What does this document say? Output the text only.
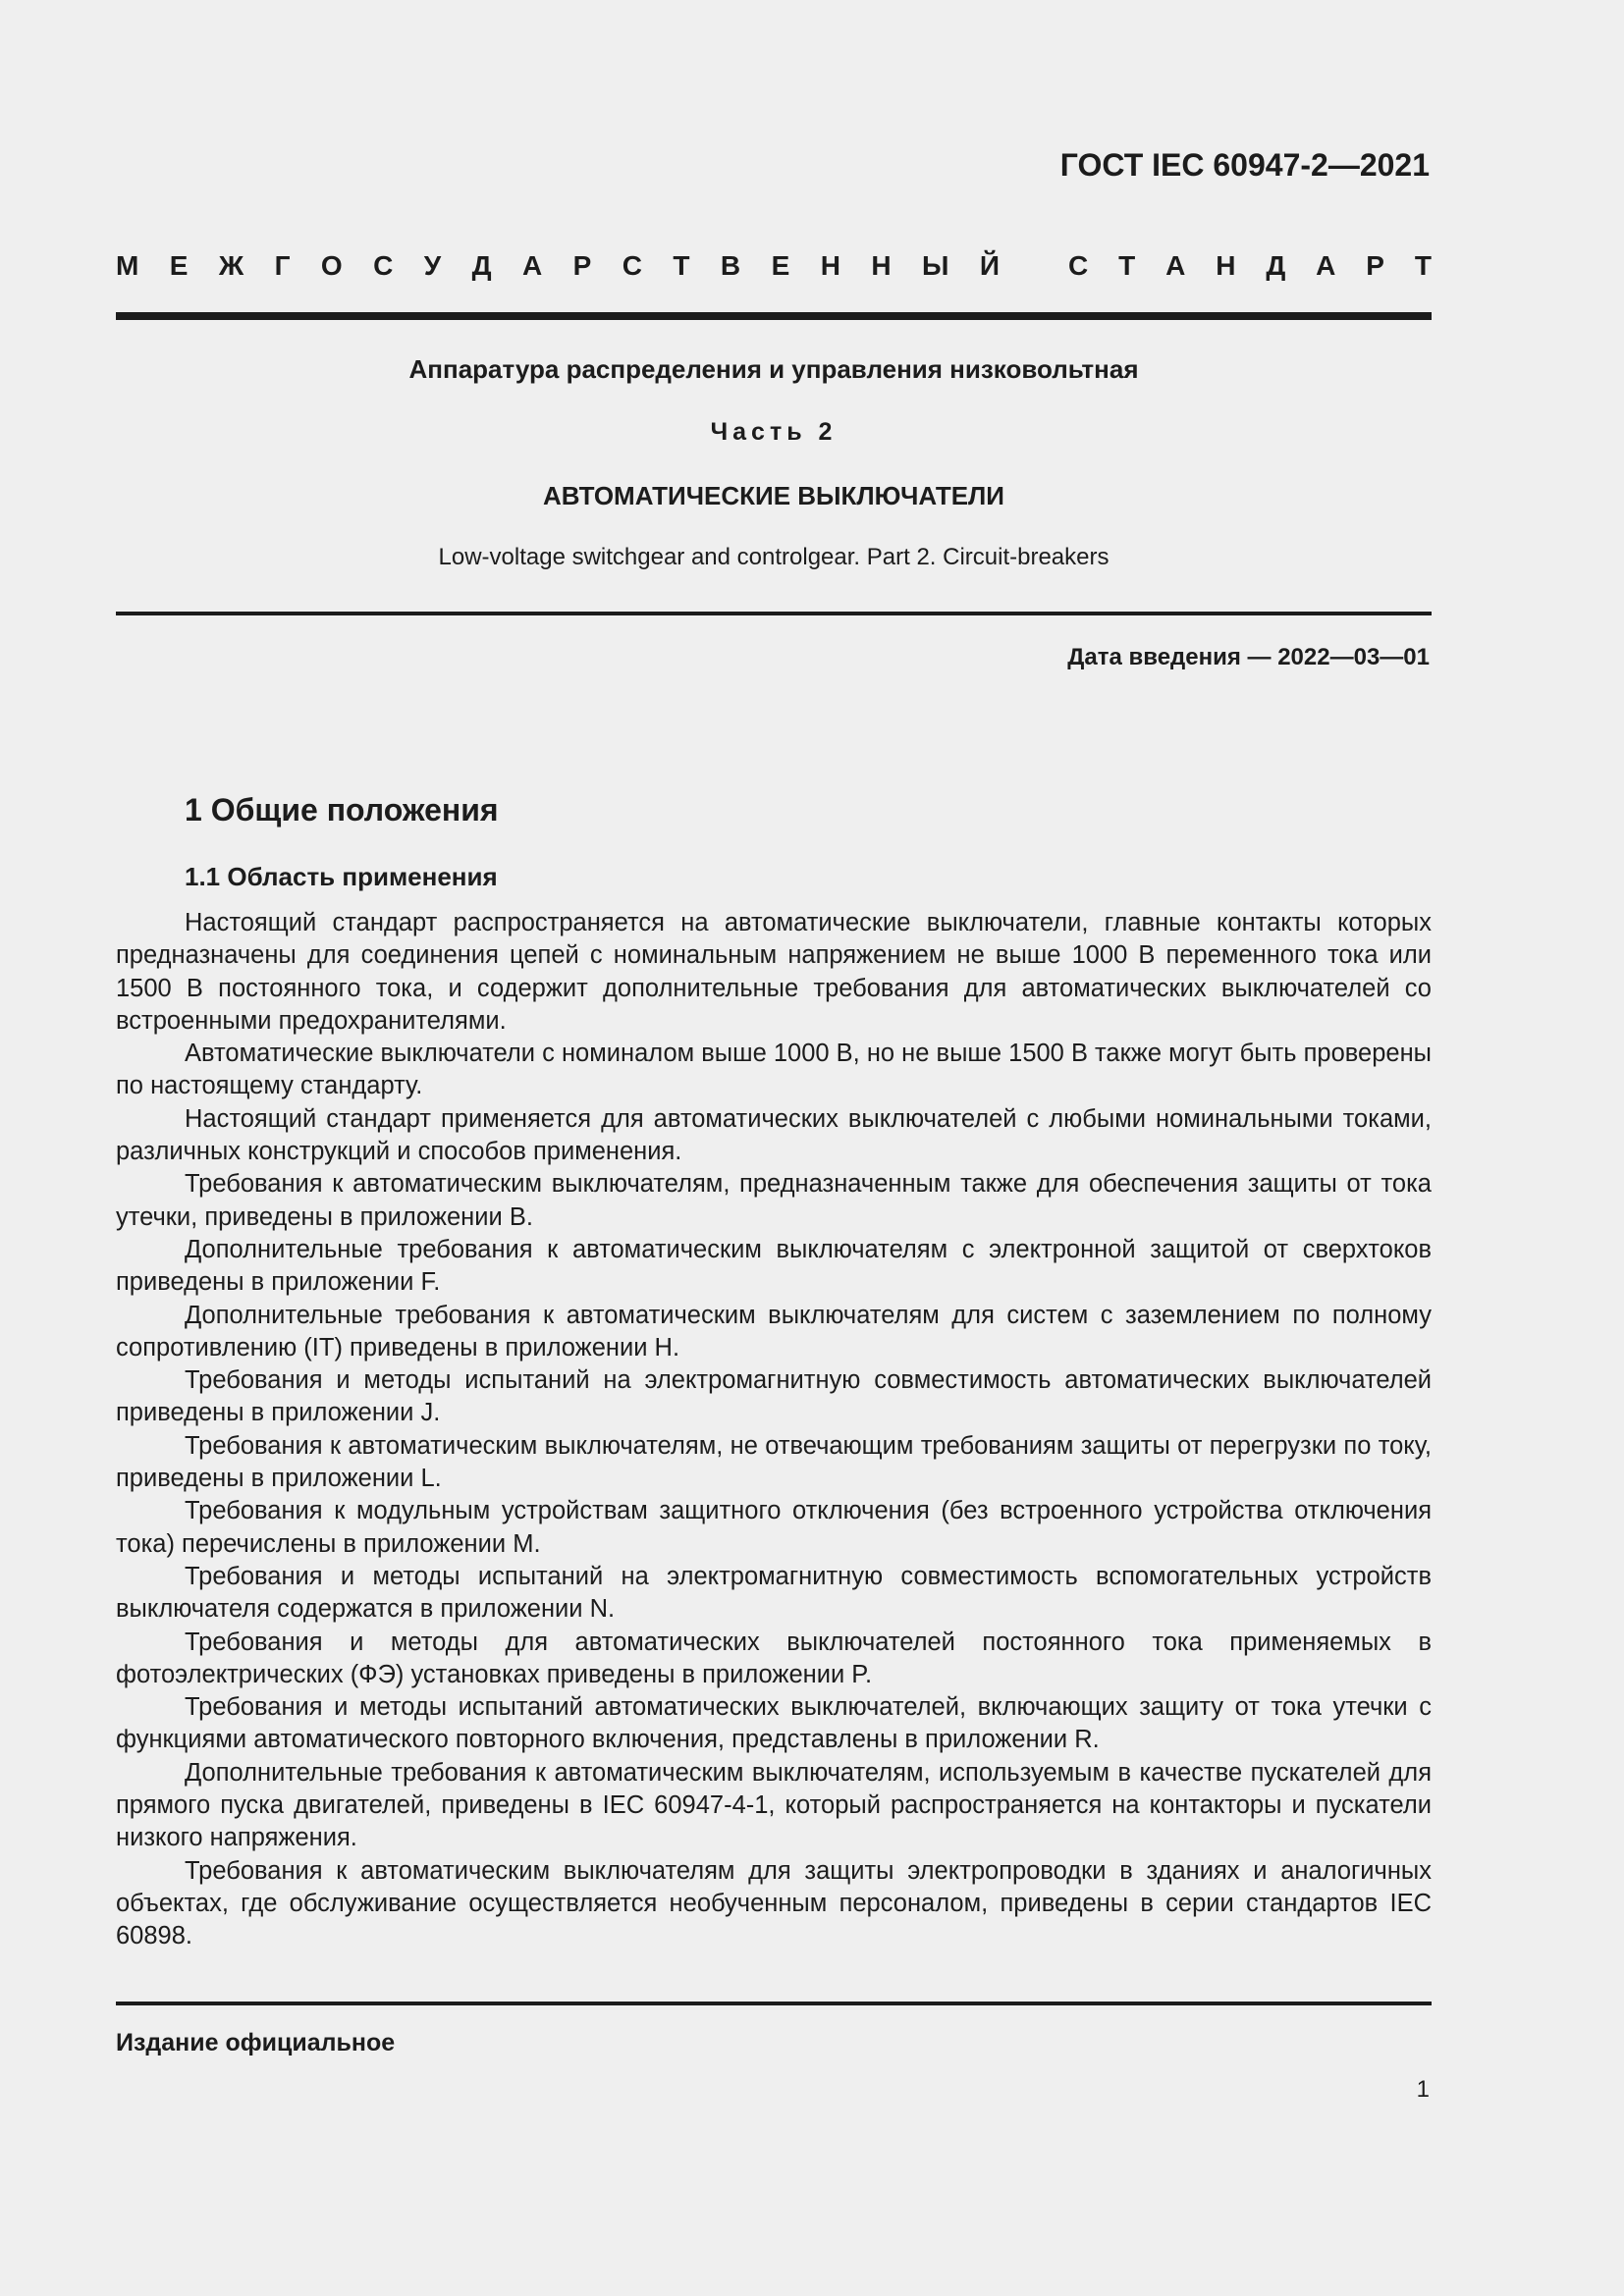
ГОСТ IEC 60947-2—2021
М Е Ж Г О С У Д А Р С Т В Е Н Н Ы Й	С Т А Н Д А Р Т
Аппаратура распределения и управления низковольтная
Часть 2
АВТОМАТИЧЕСКИЕ ВЫКЛЮЧАТЕЛИ
Low-voltage switchgear and controlgear. Part 2. Circuit-breakers
Дата введения — 2022—03—01
1 Общие положения
1.1 Область применения

Настоящий стандарт распространяется на автоматические выключатели, главные контакты которых предназначены для соединения цепей с номинальным напряжением не выше 1000 В переменного тока или 1500 В постоянного тока, и содержит дополнительные требования для автоматических выключателей со встроенными предохранителями.

Автоматические выключатели с номиналом выше 1000 В, но не выше 1500 В также могут быть проверены по настоящему стандарту.

Настоящий стандарт применяется для автоматических выключателей с любыми номинальными токами, различных конструкций и способов применения.

Требования к автоматическим выключателям, предназначенным также для обеспечения защиты от тока утечки, приведены в приложении B.

Дополнительные требования к автоматическим выключателям с электронной защитой от сверхтоков приведены в приложении F.

Дополнительные требования к автоматическим выключателям для систем с заземлением по полному сопротивлению (IT) приведены в приложении H.

Требования и методы испытаний на электромагнитную совместимость автоматических выключателей приведены в приложении J.

Требования к автоматическим выключателям, не отвечающим требованиям защиты от перегрузки по току, приведены в приложении L.

Требования к модульным устройствам защитного отключения (без встроенного устройства отключения тока) перечислены в приложении M.

Требования и методы испытаний на электромагнитную совместимость вспомогательных устройств выключателя содержатся в приложении N.

Требования и методы для автоматических выключателей постоянного тока применяемых в фотоэлектрических (ФЭ) установках приведены в приложении P.

Требования и методы испытаний автоматических выключателей, включающих защиту от тока утечки с функциями автоматического повторного включения, представлены в приложении R.

Дополнительные требования к автоматическим выключателям, используемым в качестве пускателей для прямого пуска двигателей, приведены в IEC 60947-4-1, который распространяется на контакторы и пускатели низкого напряжения.

Требования к автоматическим выключателям для защиты электропроводки в зданиях и аналогичных объектах, где обслуживание осуществляется необученным персоналом, приведены в серии стандартов IEC 60898.

Издание официальное
1
